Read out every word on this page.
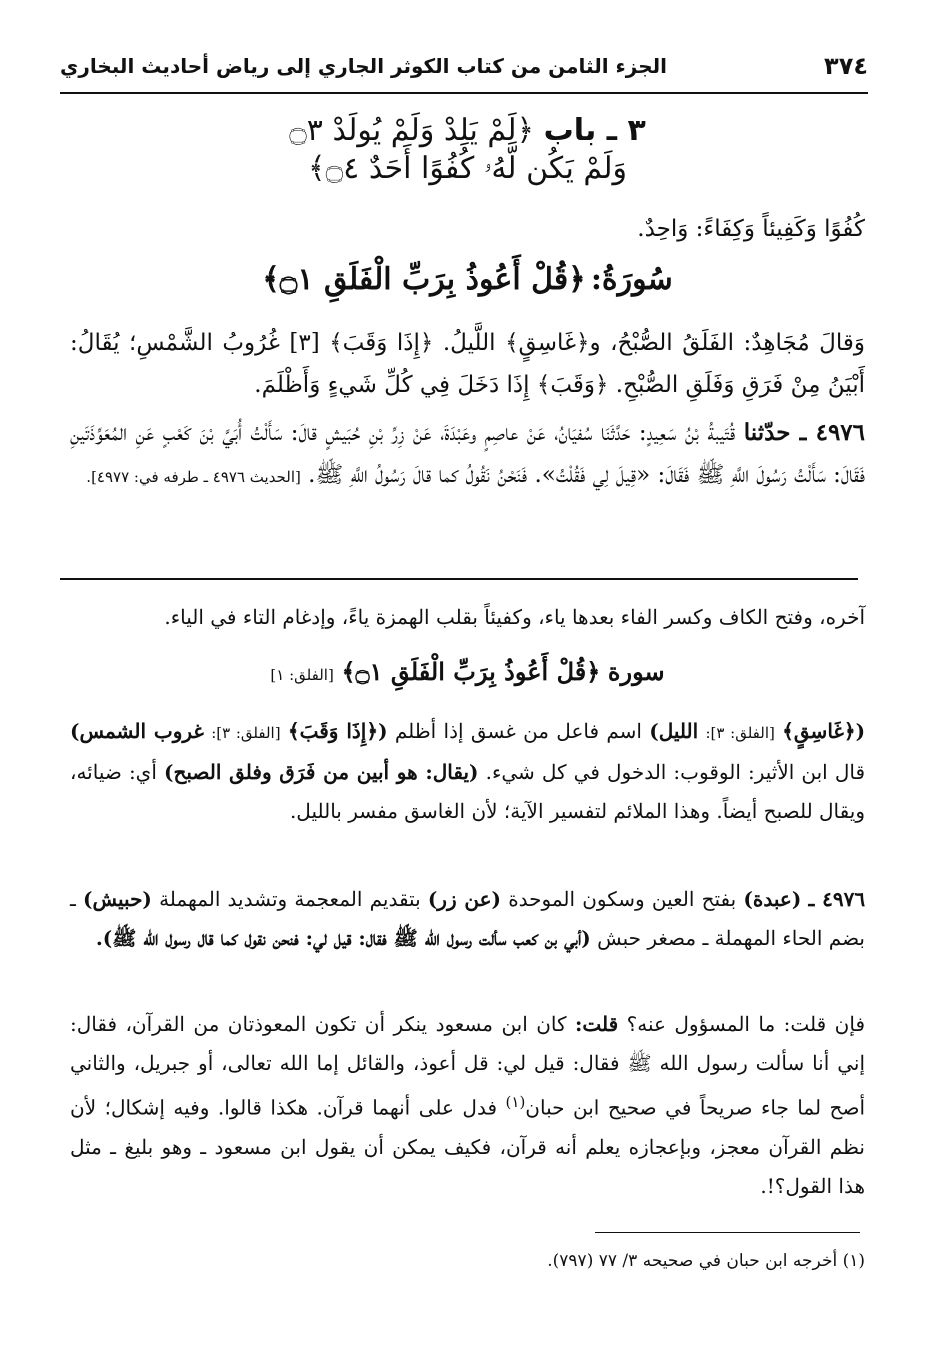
٣٧٤
الجزء الثامن من كتاب الكوثر الجاري إلى رياض أحاديث البخاري
٣ ـ باب ﴿لَمْ يَلِدْ وَلَمْ يُولَدْ ۝٣
وَلَمْ يَكُن لَّهُۥ كُفُوًا أَحَدٌ ۝٤﴾
كُفُوًا وَكَفِيئاً وَكِفَاءً: وَاحِدٌ.
سُورَةُ: ﴿قُلْ أَعُوذُ بِرَبِّ الْفَلَقِ ۝١﴾
وَقالَ مُجَاهِدٌ: الفَلَقُ الصُّبْحُ، و﴿غَاسِقٍ﴾ اللَّيلُ. ﴿إِذَا وَقَبَ﴾ [٣] غُرُوبُ الشَّمْسِ؛ يُقَالُ: أَبْيَنُ مِنْ فَرَقِ وَفَلَقِ الصُّبْحِ. ﴿وَقَبَ﴾ إِذَا دَخَلَ فِي كُلِّ شَيءٍ وَأَظْلَمَ.
٤٩٧٦ ـ حدّثنا قُتَيبةُ بْنُ سَعِيدٍ: حَدَّثَنَا سُفيَانُ، عَنْ عاصِمٍ وعَبْدَةَ، عَنْ زِرِّ بْنِ حُبَيشٍ قالَ: سَأَلْتُ أُبَيَّ بْنَ كَعْبٍ عَنِ المُعَوِّذَتَينِ فَقَالَ: سَأَلْتُ رَسُولَ اللَّهِ ﷺ فَقَالَ: «قِيلَ لِي فَقُلْتُ». فَنَحْنُ نَقُولُ كما قالَ رَسُولُ اللَّهِ ﷺ. [الحديث ٤٩٧٦ ـ طرفه في: ٤٩٧٧].
آخره، وفتح الكاف وكسر الفاء بعدها ياء، وكفيئاً بقلب الهمزة ياءً، وإدغام التاء في الياء.
سورة ﴿قُلْ أَعُوذُ بِرَبِّ الْفَلَقِ ۝١﴾ [الفلق: ١]
(﴿غَاسِقٍ﴾ [الفلق: ٣]: الليل) اسم فاعل من غسق إذا أظلم (﴿إِذَا وَقَبَ﴾ [الفلق: ٣]: غروب الشمس) قال ابن الأثير: الوقوب: الدخول في كل شيء. (يقال: هو أبين من فَرَق وفلق الصبح) أي: ضيائه، ويقال للصبح أيضاً. وهذا الملائم لتفسير الآية؛ لأن الغاسق مفسر بالليل.
٤٩٧٦ ـ (عبدة) بفتح العين وسكون الموحدة (عن زر) بتقديم المعجمة وتشديد المهملة (حبيش) ـ بضم الحاء المهملة ـ مصغر حبش (أبي بن كعب سألت رسول الله ﷺ فقال: قيل لي: فنحن نقول كما قال رسول الله ﷺ).
فإن قلت: ما المسؤول عنه؟ قلت: كان ابن مسعود ينكر أن تكون المعوذتان من القرآن، فقال: إني أنا سألت رسول الله ﷺ فقال: قيل لي: قل أعوذ، والقائل إما الله تعالى، أو جبريل، والثاني أصح لما جاء صريحاً في صحيح ابن حبان$^{(١)}$ فدل على أنهما قرآن. هكذا قالوا. وفيه إشكال؛ لأن نظم القرآن معجز، وبإعجازه يعلم أنه قرآن، فكيف يمكن أن يقول ابن مسعود ـ وهو بليغ ـ مثل هذا القول؟!.
(١) أخرجه ابن حبان في صحيحه ٣/ ٧٧ (٧٩٧).
